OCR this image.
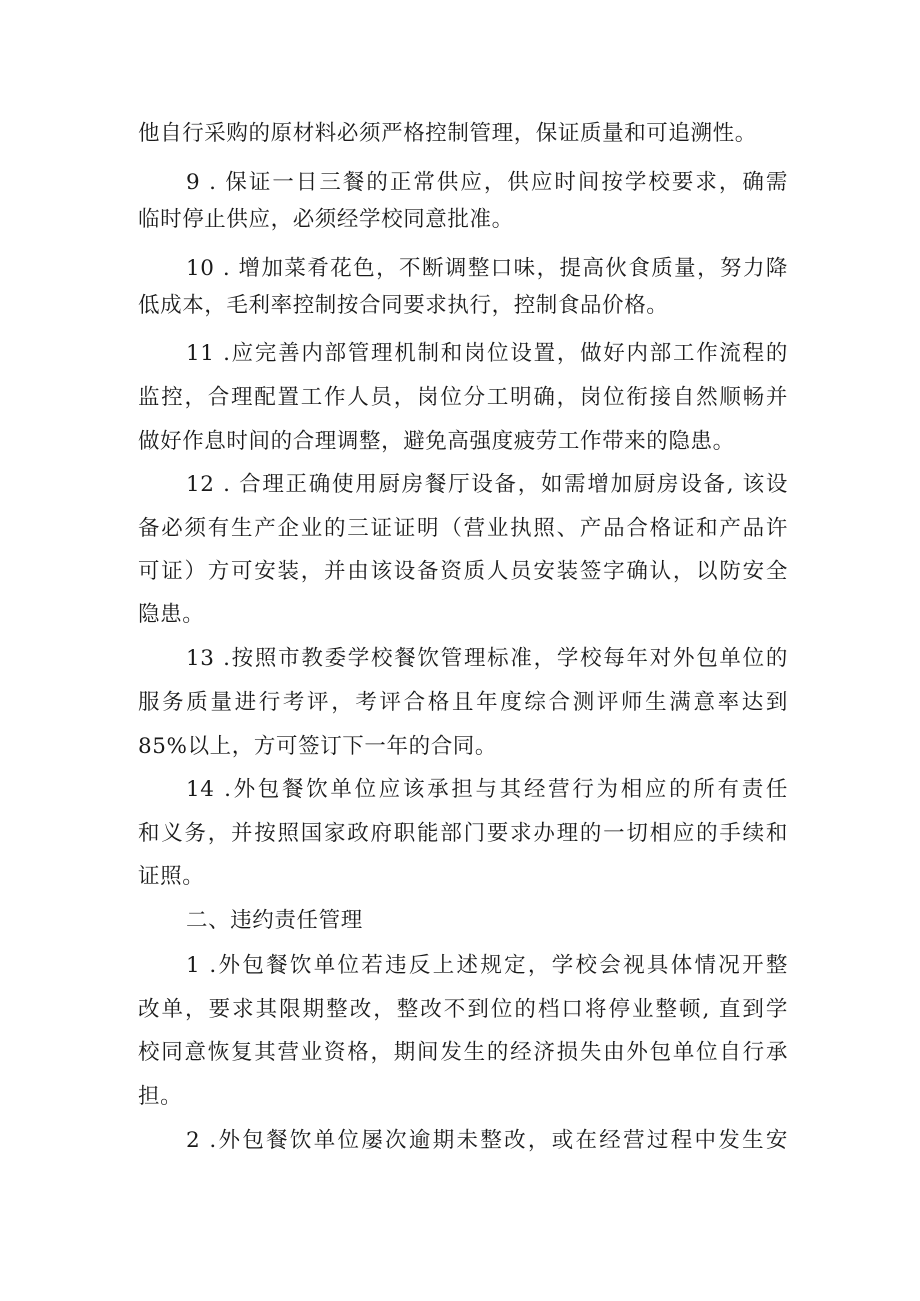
他自行采购的原材料必须严格控制管理，保证质量和可追溯性。
9 . 保证一日三餐的正常供应，供应时间按学校要求，确需
临时停止供应，必须经学校同意批准。
10 . 增加菜肴花色，不断调整口味，提高伙食质量，努力降
低成本，毛利率控制按合同要求执行，控制食品价格。
11 .应完善内部管理机制和岗位设置，做好内部工作流程的
监控，合理配置工作人员，岗位分工明确，岗位衔接自然顺畅并
做好作息时间的合理调整，避免高强度疲劳工作带来的隐患。
12 . 合理正确使用厨房餐厅设备，如需增加厨房设备, 该设
备必须有生产企业的三证证明（营业执照、产品合格证和产品许
可证）方可安装，并由该设备资质人员安装签字确认，以防安全
隐患。
13 .按照市教委学校餐饮管理标准，学校每年对外包单位的
服务质量进行考评，考评合格且年度综合测评师生满意率达到
85%以上，方可签订下一年的合同。
14 .外包餐饮单位应该承担与其经营行为相应的所有责任
和义务，并按照国家政府职能部门要求办理的一切相应的手续和
证照。
二、违约责任管理
1 .外包餐饮单位若违反上述规定，学校会视具体情况开整
改单，要求其限期整改，整改不到位的档口将停业整顿, 直到学
校同意恢复其营业资格，期间发生的经济损失由外包单位自行承
担。
2 .外包餐饮单位屡次逾期未整改，或在经营过程中发生安
